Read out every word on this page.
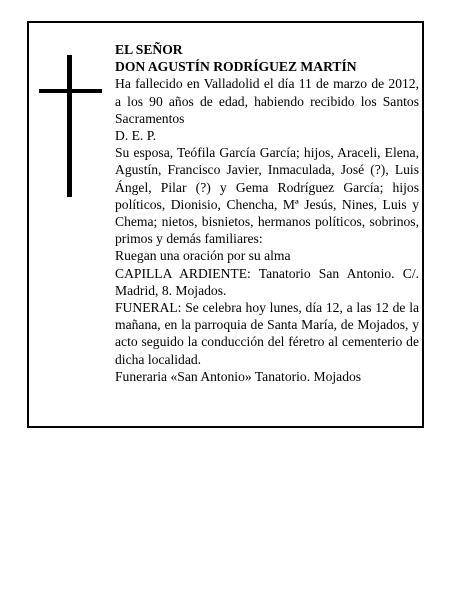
EL SEÑOR

DON AGUSTÍN RODRÍGUEZ MARTÍN

Ha fallecido en Valladolid el día 11 de marzo de 2012, a los 90 años de edad, habiendo recibido los Santos Sacramentos

D. E. P.

Su esposa, Teófila García García; hijos, Araceli, Elena, Agustín, Francisco Javier, Inmaculada, José (?), Luis Ángel, Pilar (?) y Gema Rodríguez García; hijos políticos, Dionisio, Chencha, Mª Jesús, Nines, Luis y Chema; nietos, bisnietos, hermanos políticos, sobrinos, primos y demás familiares:

Ruegan una oración por su alma

CAPILLA ARDIENTE: Tanatorio San Antonio. C/. Madrid, 8. Mojados.

FUNERAL: Se celebra hoy lunes, día 12, a las 12 de la mañana, en la parroquia de Santa María, de Mojados, y acto seguido la conducción del féretro al cementerio de dicha localidad.

Funeraria «San Antonio» Tanatorio. Mojados
